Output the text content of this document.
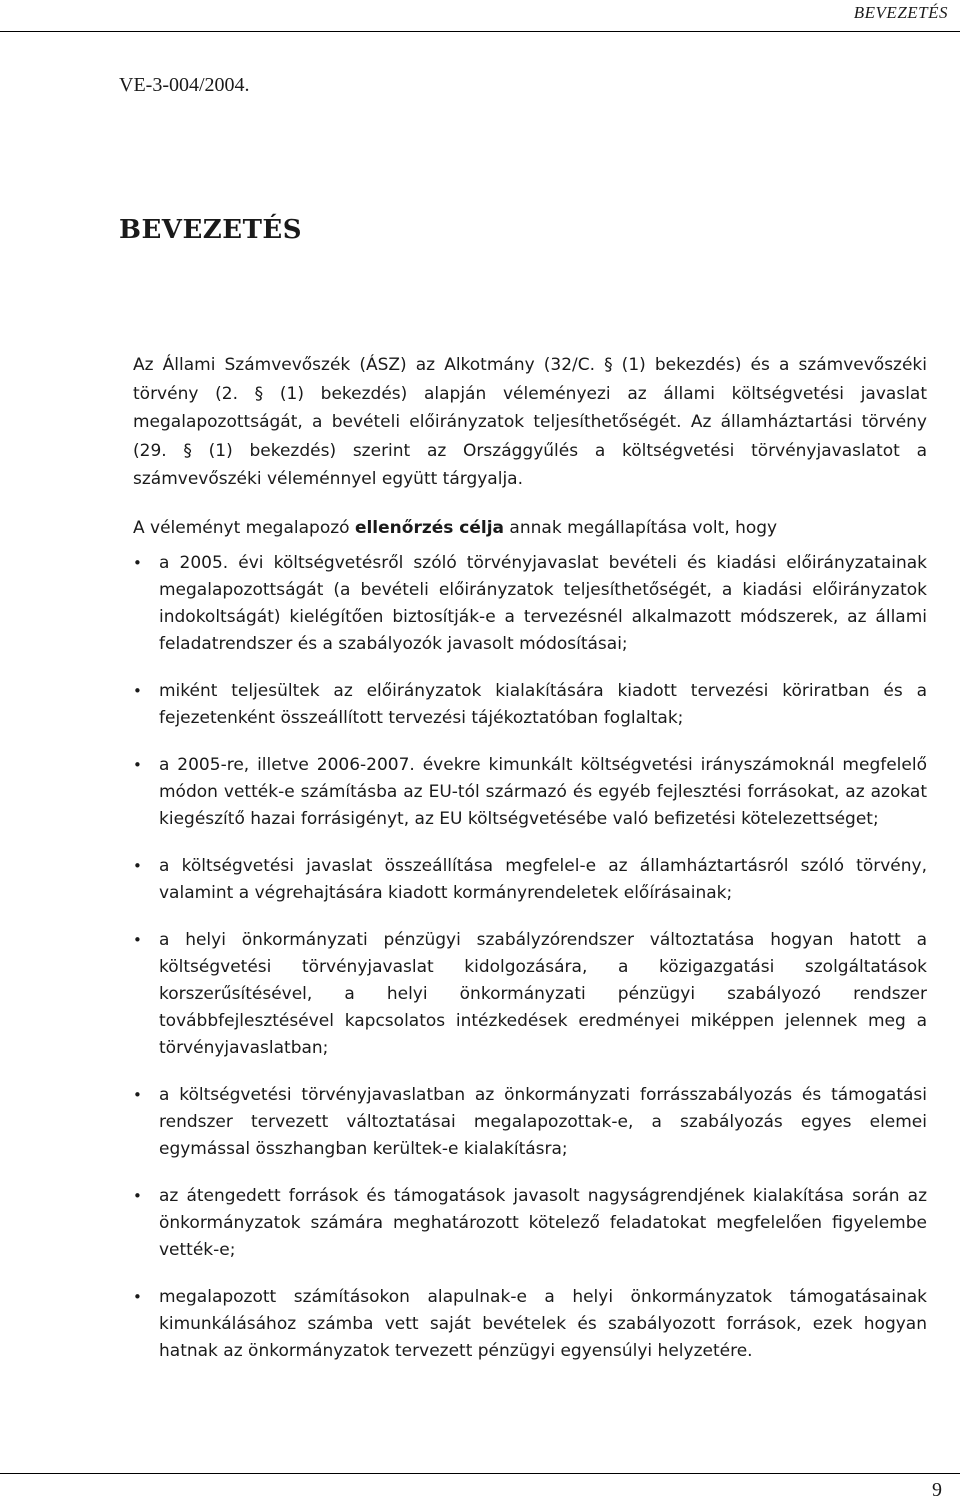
BEVEZETÉS
VE-3-004/2004.
BEVEZETÉS

Az Állami Számvevőszék (ÁSZ) az Alkotmány (32/C. § (1) bekezdés) és a számvevőszéki törvény (2. § (1) bekezdés) alapján véleményezi az állami költségvetési javaslat megalapozottságát, a bevételi előirányzatok teljesíthetőségét. Az államháztartási törvény (29. § (1) bekezdés) szerint az Országgyűlés a költségvetési törvényjavaslatot a számvevőszéki véleménnyel együtt tárgyalja.

A véleményt megalapozó ellenőrzés célja annak megállapítása volt, hogy

• a 2005. évi költségvetésről szóló törvényjavaslat bevételi és kiadási előirányzatainak megalapozottságát (a bevételi előirányzatok teljesíthetőségét, a kiadási előirányzatok indokoltságát) kielégítően biztosítják-e a tervezésnél alkalmazott módszerek, az állami feladatrendszer és a szabályozók javasolt módosításai;
• miként teljesültek az előirányzatok kialakítására kiadott tervezési köriratban és a fejezetenként összeállított tervezési tájékoztatóban foglaltak;
• a 2005-re, illetve 2006-2007. évekre kimunkált költségvetési irányszámoknál megfelelő módon vették-e számításba az EU-tól származó és egyéb fejlesztési forrásokat, az azokat kiegészítő hazai forrásigényt, az EU költségvetésébe való befizetési kötelezettséget;
• a költségvetési javaslat összeállítása megfelel-e az államháztartásról szóló törvény, valamint a végrehajtására kiadott kormányrendeletek előírásainak;
• a helyi önkormányzati pénzügyi szabályzórendszer változtatása hogyan hatott a költségvetési törvényjavaslat kidolgozására, a közigazgatási szolgáltatások korszerűsítésével, a helyi önkormányzati pénzügyi szabályozó rendszer továbbfejlesztésével kapcsolatos intézkedések eredményei miképpen jelennek meg a törvényjavaslatban;
• a költségvetési törvényjavaslatban az önkormányzati forrásszabályozás és támogatási rendszer tervezett változtatásai megalapozottak-e, a szabályozás egyes elemei egymással összhangban kerültek-e kialakításra;
• az átengedett források és támogatások javasolt nagyságrendjének kialakítása során az önkormányzatok számára meghatározott kötelező feladatokat megfelelően figyelembe vették-e;
• megalapozott számításokon alapulnak-e a helyi önkormányzatok támogatásainak kimunkálásához számba vett saját bevételek és szabályozott források, ezek hogyan hatnak az önkormányzatok tervezett pénzügyi egyensúlyi helyzetére.
9
